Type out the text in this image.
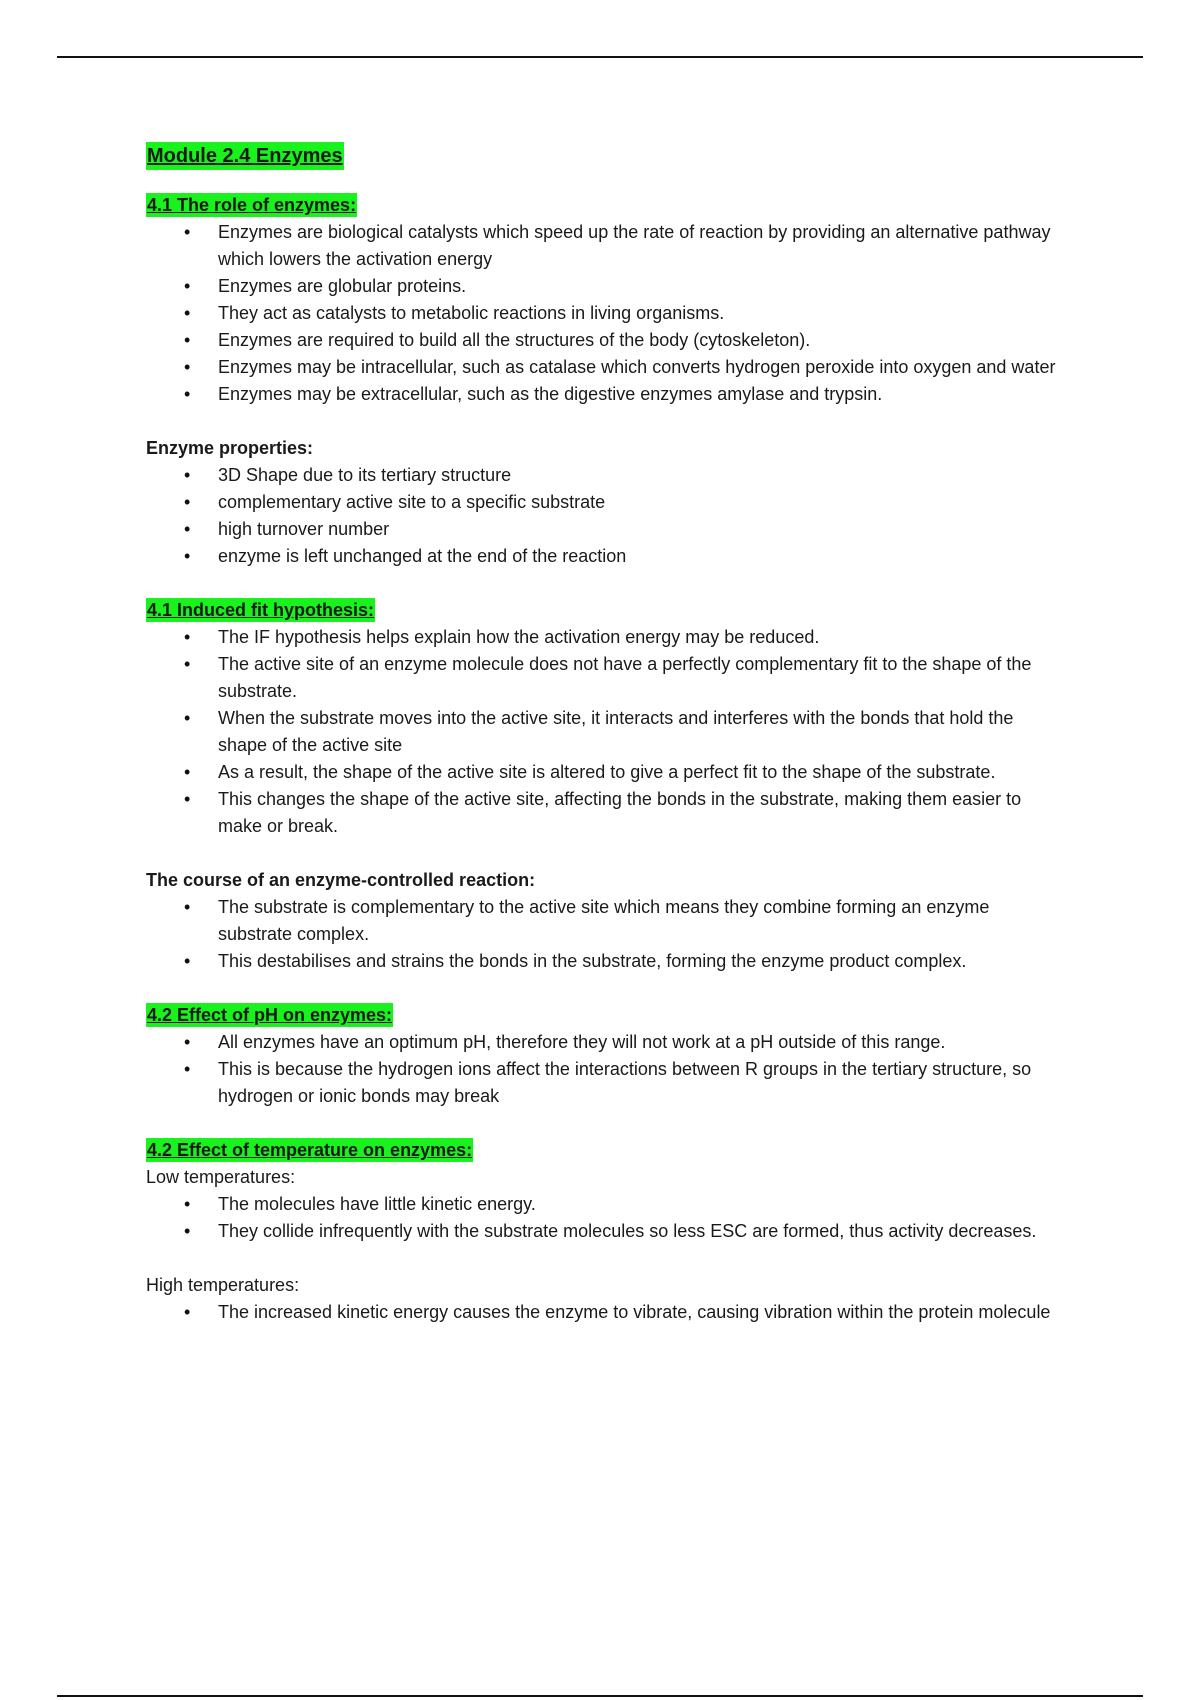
Module 2.4 Enzymes
4.1 The role of enzymes:
• Enzymes are biological catalysts which speed up the rate of reaction by providing an alternative pathway which lowers the activation energy
• Enzymes are globular proteins.
• They act as catalysts to metabolic reactions in living organisms.
• Enzymes are required to build all the structures of the body (cytoskeleton).
• Enzymes may be intracellular, such as catalase which converts hydrogen peroxide into oxygen and water
• Enzymes may be extracellular, such as the digestive enzymes amylase and trypsin.
Enzyme properties:
• 3D Shape due to its tertiary structure
• complementary active site to a specific substrate
• high turnover number
• enzyme is left unchanged at the end of the reaction
4.1 Induced fit hypothesis:
• The IF hypothesis helps explain how the activation energy may be reduced.
• The active site of an enzyme molecule does not have a perfectly complementary fit to the shape of the substrate.
• When the substrate moves into the active site, it interacts and interferes with the bonds that hold the shape of the active site
• As a result, the shape of the active site is altered to give a perfect fit to the shape of the substrate.
• This changes the shape of the active site, affecting the bonds in the substrate, making them easier to make or break.
The course of an enzyme-controlled reaction:
• The substrate is complementary to the active site which means they combine forming an enzyme substrate complex.
• This destabilises and strains the bonds in the substrate, forming the enzyme product complex.
4.2 Effect of pH on enzymes:
• All enzymes have an optimum pH, therefore they will not work at a pH outside of this range.
• This is because the hydrogen ions affect the interactions between R groups in the tertiary structure, so hydrogen or ionic bonds may break
4.2 Effect of temperature on enzymes:
Low temperatures:
• The molecules have little kinetic energy.
• They collide infrequently with the substrate molecules so less ESC are formed, thus activity decreases.
High temperatures:
• The increased kinetic energy causes the enzyme to vibrate, causing vibration within the protein molecule
